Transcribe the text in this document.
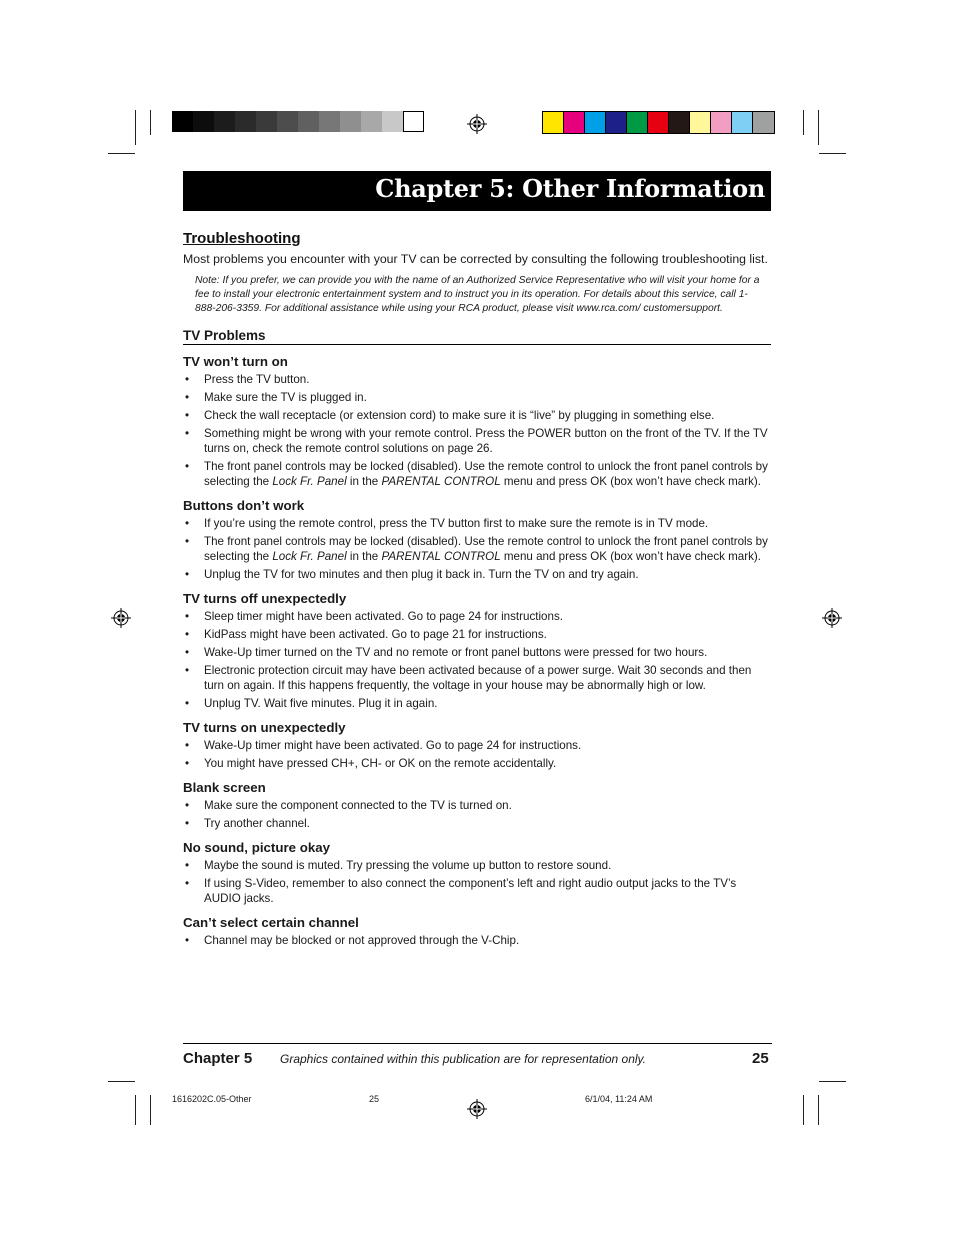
Chapter 5: Other Information
Troubleshooting

Most problems you encounter with your TV can be corrected by consulting the following troubleshooting list.

Note: If you prefer, we can provide you with the name of an Authorized Service Representative who will visit your home for a fee to install your electronic entertainment system and to instruct you in its operation. For details about this service, call 1-888-206-3359. For additional assistance while using your RCA product, please visit www.rca.com/ customersupport.

TV Problems
TV won’t turn on
• Press the TV button.
• Make sure the TV is plugged in.
• Check the wall receptacle (or extension cord) to make sure it is “live” by plugging in something else.
• Something might be wrong with your remote control. Press the POWER button on the front of the TV. If the TV turns on, check the remote control solutions on page 26.
• The front panel controls may be locked (disabled). Use the remote control to unlock the front panel controls by selecting the Lock Fr. Panel in the PARENTAL CONTROL menu and press OK (box won’t have check mark).
Buttons don’t work
• If you’re using the remote control, press the TV button first to make sure the remote is in TV mode.
• The front panel controls may be locked (disabled). Use the remote control to unlock the front panel controls by selecting the Lock Fr. Panel in the PARENTAL CONTROL menu and press OK (box won’t have check mark).
• Unplug the TV for two minutes and then plug it back in. Turn the TV on and try again.
TV turns off unexpectedly
• Sleep timer might have been activated. Go to page 24 for instructions.
• KidPass might have been activated. Go to page 21 for instructions.
• Wake-Up timer turned on the TV and no remote or front panel buttons were pressed for two hours.
• Electronic protection circuit may have been activated because of a power surge. Wait 30 seconds and then turn on again. If this happens frequently, the voltage in your house may be abnormally high or low.
• Unplug TV. Wait five minutes. Plug it in again.
TV turns on unexpectedly
• Wake-Up timer might have been activated. Go to page 24 for instructions.
• You might have pressed CH+, CH- or OK on the remote accidentally.
Blank screen
• Make sure the component connected to the TV is turned on.
• Try another channel.
No sound, picture okay
• Maybe the sound is muted. Try pressing the volume up button to restore sound.
• If using S-Video, remember to also connect the component’s left and right audio output jacks to the TV’s AUDIO jacks.
Can’t select certain channel
• Channel may be blocked or not approved through the V-Chip.
Chapter 5 Graphics contained within this publication are for representation only.	25
1616202C.05-Other	25	6/1/04, 11:24 AM
